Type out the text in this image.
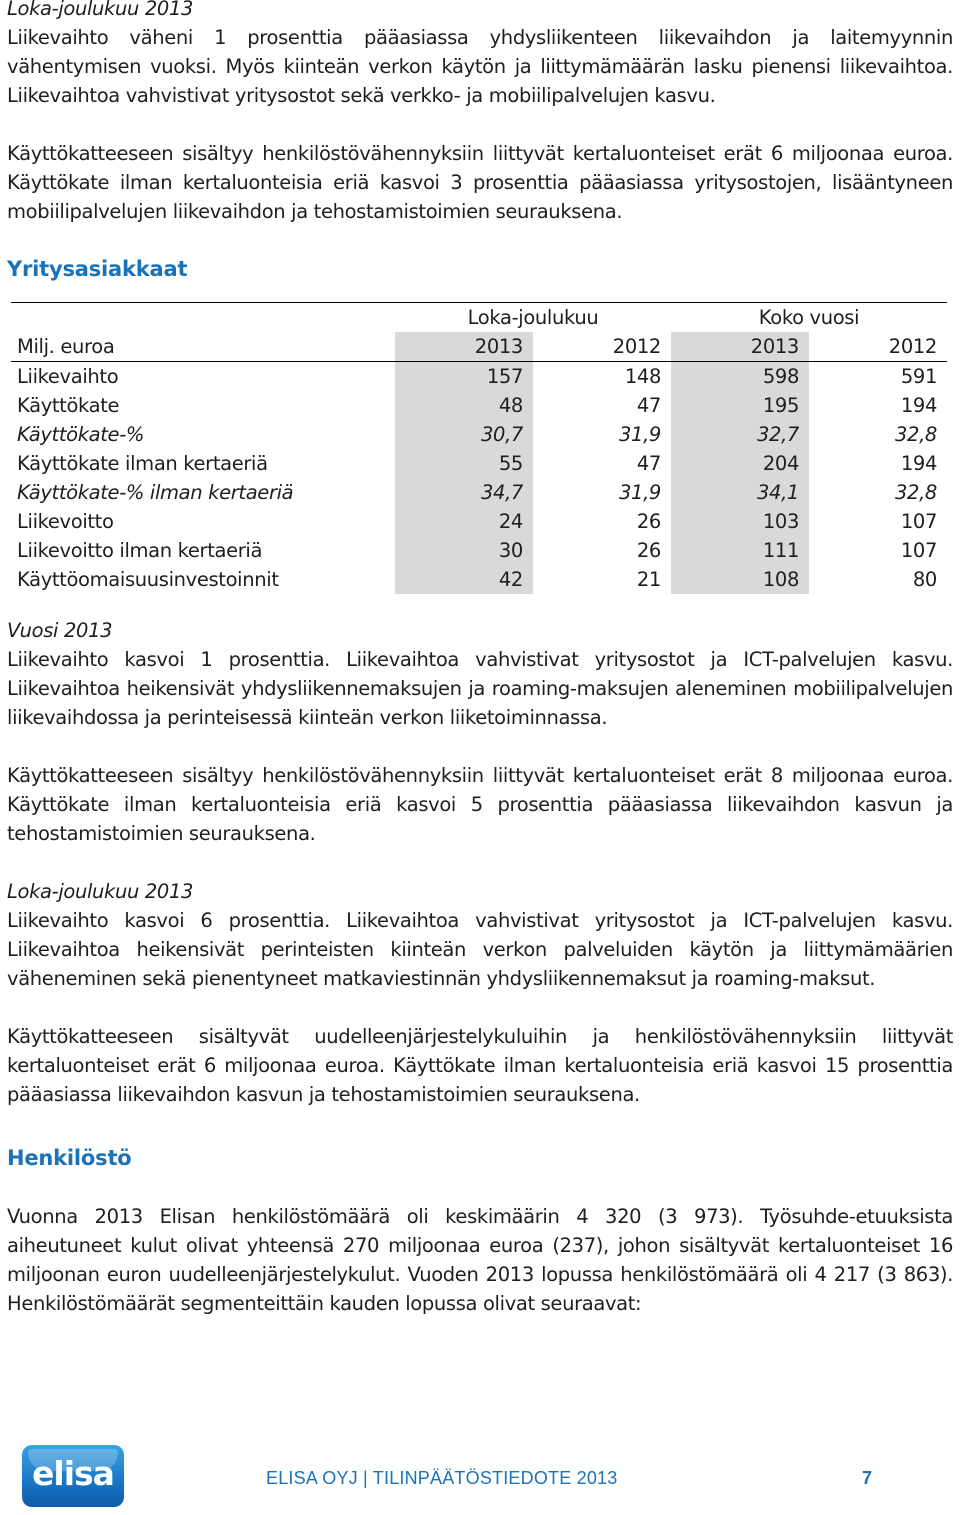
Loka-joulukuu 2013

Liikevaihto väheni 1 prosenttia pääasiassa yhdysliikenteen liikevaihdon ja laitemyynnin vähentymisen vuoksi. Myös kiinteän verkon käytön ja liittymämäärän lasku pienensi liikevaihtoa. Liikevaihtoa vahvistivat yritysostot sekä verkko- ja mobiilipalvelujen kasvu.

Käyttökatteeseen sisältyy henkilöstövähennyksiin liittyvät kertaluonteiset erät 6 miljoonaa euroa. Käyttökate ilman kertaluonteisia eriä kasvoi 3 prosenttia pääasiassa yritysostojen, lisääntyneen mobiilipalvelujen liikevaihdon ja tehostamistoimien seurauksena.

Yritysasiakkaat

Loka-joulukuu	Koko vuosi
Milj. euroa	2013	2012	2013	2012
Liikevaihto	157	148	598	591
Käyttökate	48	47	195	194
Käyttökate-%	30,7	31,9	32,7	32,8
Käyttökate ilman kertaeriä	55	47	204	194
Käyttökate-% ilman kertaeriä	34,7	31,9	34,1	32,8
Liikevoitto	24	26	103	107
Liikevoitto ilman kertaeriä	30	26	111	107
Käyttöomaisuusinvestoinnit	42	21	108	80

Vuosi 2013

Liikevaihto kasvoi 1 prosenttia. Liikevaihtoa vahvistivat yritysostot ja ICT-palvelujen kasvu. Liikevaihtoa heikensivät yhdysliikennemaksujen ja roaming-maksujen aleneminen mobiilipalvelujen liikevaihdossa ja perinteisessä kiinteän verkon liiketoiminnassa.

Käyttökatteeseen sisältyy henkilöstövähennyksiin liittyvät kertaluonteiset erät 8 miljoonaa euroa. Käyttökate ilman kertaluonteisia eriä kasvoi 5 prosenttia pääasiassa liikevaihdon kasvun ja tehostamistoimien seurauksena.

Loka-joulukuu 2013

Liikevaihto kasvoi 6 prosenttia. Liikevaihtoa vahvistivat yritysostot ja ICT-palvelujen kasvu. Liikevaihtoa heikensivät perinteisten kiinteän verkon palveluiden käytön ja liittymämäärien väheneminen sekä pienentyneet matkaviestinnän yhdysliikennemaksut ja roaming-maksut.

Käyttökatteeseen sisältyvät uudelleenjärjestelykuluihin ja henkilöstövähennyksiin liittyvät kertaluonteiset erät 6 miljoonaa euroa. Käyttökate ilman kertaluonteisia eriä kasvoi 15 prosenttia pääasiassa liikevaihdon kasvun ja tehostamistoimien seurauksena.

Henkilöstö

Vuonna 2013 Elisan henkilöstömäärä oli keskimäärin 4 320 (3 973). Työsuhde-etuuksista aiheutuneet kulut olivat yhteensä 270 miljoonaa euroa (237), johon sisältyvät kertaluonteiset 16 miljoonan euron uudelleenjärjestelykulut. Vuoden 2013 lopussa henkilöstömäärä oli 4 217 (3 863). Henkilöstömäärät segmenteittäin kauden lopussa olivat seuraavat:

elisa	ELISA OYJ | TILINPÄÄTÖSTIEDOTE 2013	7
